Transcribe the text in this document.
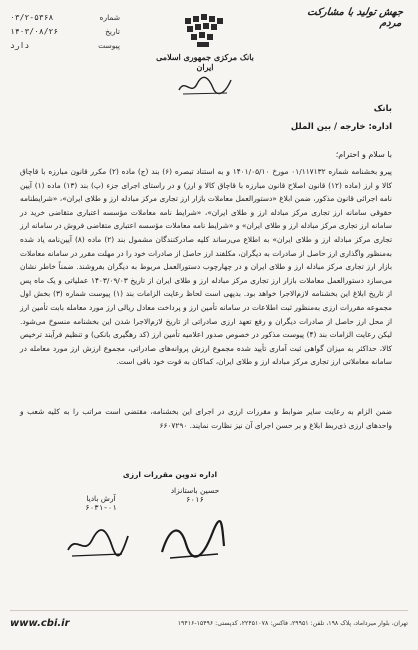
جهش تولید با مشارکت مردم
بانک مرکزی جمهوری اسلامی ایران
۰۳/۲-۵۳۶۸	شماره
۱۴۰۳/۰۸/۲۶	تاریخ
دارد	پیوست
بانک
اداره: خارجه / بین الملل
با سلام و احترام؛
پیرو بخشنامه شماره ۰۱/۱۱۷۱۳۲ مورخ ۱۴۰۱/۰۵/۱۰ و به استناد تبصره (۶) بند (ج) ماده (۲) مکرر قانون مبارزه با قاچاق کالا و ارز (ماده (۱۲) قانون اصلاح قانون مبارزه با قاچاق کالا و ارز) و در راستای اجرای جزء (پ) بند (۱۳) ماده (۱) آیین نامه اجرائی قانون مذکور، ضمن ابلاغ «دستورالعمل معاملات بازار ارز تجاری مرکز مبادله ارز و طلای ایران»، «شرایطنامه حقوقی سامانه ارز تجاری مرکز مبادله ارز و طلای ایران»، «شرایط نامه معاملات مؤسسه اعتباری متقاضی خرید در سامانه ارز تجاری مرکز مبادله ارز و طلای ایران» و «شرایط نامه معاملات مؤسسه اعتباری متقاضی فروش در سامانه ارز تجاری مرکز مبادله ارز و طلای ایران» به اطلاع می‌رساند کلیه صادرکنندگان مشمول بند (۲) ماده (۸) آیین‌نامه یاد شده به‌منظور واگذاری ارز حاصل از صادرات به دیگران، مکلفند ارز حاصل از صادرات خود را در مهلت مقرر در سامانه معاملات بازار ارز تجاری مرکز مبادله ارز و طلای ایران و در چهارچوب دستورالعمل مربوط به دیگران بفروشند. ضمناً خاطر نشان می‌سازد دستورالعمل معاملات بازار ارز تجاری مرکز مبادله ارز و طلای ایران از تاریخ ۱۴۰۳/۰۹/۰۳ عملیاتی و یک ماه پس از تاریخ ابلاغ این بخشنامه لازم‌الاجرا خواهد بود. بدیهی است لحاظ رعایت الزامات بند (۱) پیوست شماره (۳) بخش اول مجموعه مقررات ارزی به‌منظور ثبت اطلاعات در سامانه تأمین ارز و پرداخت معادل ریالی ارز مورد معامله بابت تأمین ارز از محل ارز حاصل از صادرات دیگران و رفع تعهد ارزی صادراتی از تاریخ لازم‌الاجرا شدن این بخشنامه منسوخ می‌شود. لیکن رعایت الزامات بند (۴) پیوست مذکور در خصوص صدور اعلامیه تأمین ارز (کد رهگیری بانکی) و تنظیم فرآیند ترخیص کالا، حداکثر به میزان گواهی ثبت آماری تأیید شده مجموع ارزش پروانه‌های صادراتی، مجموع ارزش ارز مورد معامله در سامانه معاملاتی ارز تجاری مرکز مبادله ارز و طلای ایران، کماکان به قوت خود باقی است.
ضمن الزام به رعایت سایر ضوابط و مقررات ارزی در اجرای این بخشنامه، مقتضی است مراتب را به کلیه شعب و واحدهای ارزی ذی‌ربط ابلاغ و بر حسن اجرای آن نیز نظارت نمایند. ۶۶۰۷۲۹۰
اداره تدوین مقررات ارزی
حسین باستانزاد
۶۰۱۶
آرش بادیا
۶۰۳۱-۰۱
www.cbi.ir	تهران، بلوار میرداماد، پلاک ۱۹۸، تلفن: ۲۹۹۵۱، فاکس: ۲۲۴۵۱۰۷۸، کدپستی: ۱۵۴۹۶-۱۹۴۱۶
